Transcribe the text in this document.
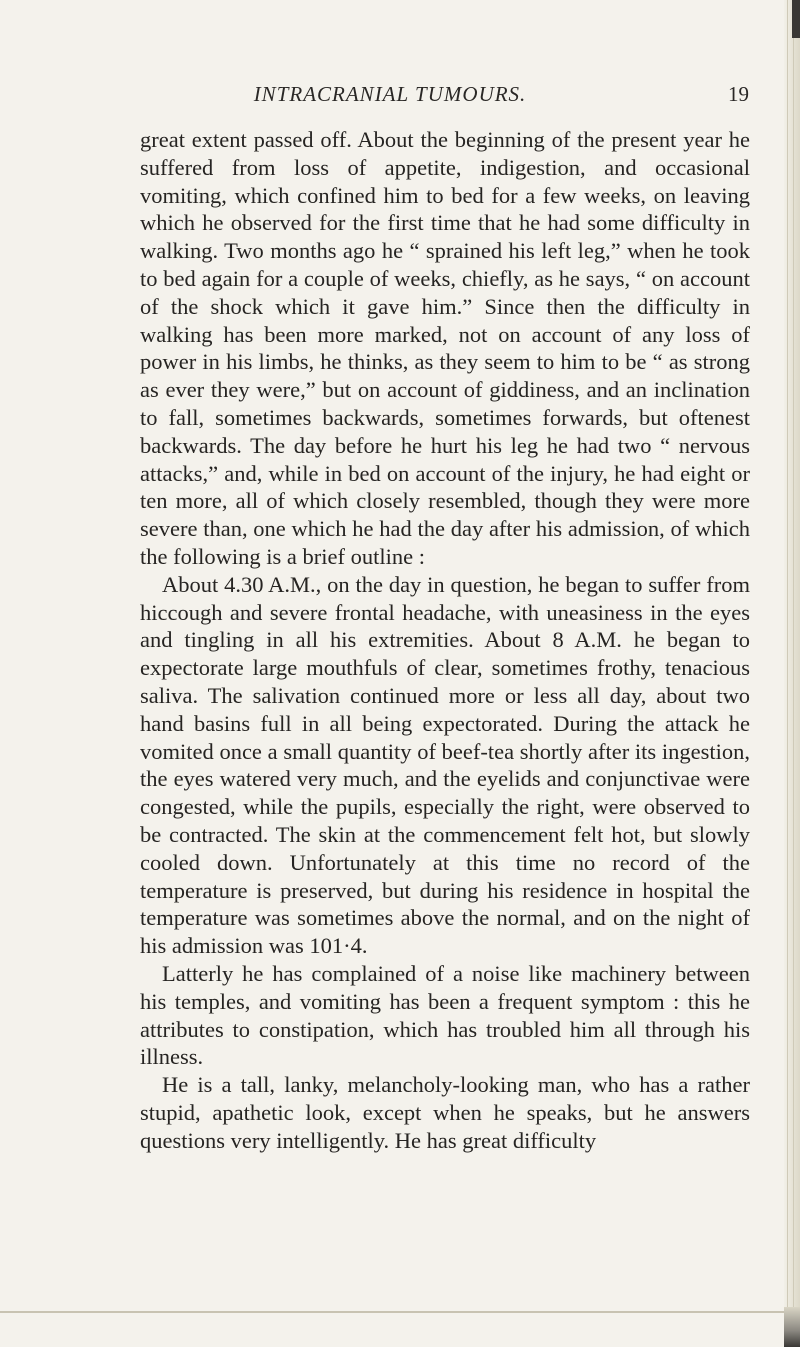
INTRACRANIAL TUMOURS.	19

great extent passed off. About the beginning of the present year he suffered from loss of appetite, indigestion, and occasional vomiting, which confined him to bed for a few weeks, on leaving which he observed for the first time that he had some difficulty in walking. Two months ago he “ sprained his left leg,” when he took to bed again for a couple of weeks, chiefly, as he says, “ on account of the shock which it gave him.” Since then the difficulty in walking has been more marked, not on account of any loss of power in his limbs, he thinks, as they seem to him to be “ as strong as ever they were,” but on account of giddiness, and an inclination to fall, sometimes backwards, sometimes forwards, but oftenest backwards. The day before he hurt his leg he had two “ nervous attacks,” and, while in bed on account of the injury, he had eight or ten more, all of which closely resembled, though they were more severe than, one which he had the day after his admission, of which the following is a brief outline :

About 4.30 A.M., on the day in question, he began to suffer from hiccough and severe frontal headache, with uneasiness in the eyes and tingling in all his extremities. About 8 A.M. he began to expectorate large mouthfuls of clear, sometimes frothy, tenacious saliva. The salivation continued more or less all day, about two hand basins full in all being expectorated. During the attack he vomited once a small quantity of beef-tea shortly after its ingestion, the eyes watered very much, and the eyelids and conjunctivae were congested, while the pupils, especially the right, were observed to be contracted. The skin at the commencement felt hot, but slowly cooled down. Unfortunately at this time no record of the temperature is preserved, but during his residence in hospital the temperature was sometimes above the normal, and on the night of his admission was 101·4.

Latterly he has complained of a noise like machinery between his temples, and vomiting has been a frequent symptom : this he attributes to constipation, which has troubled him all through his illness.

He is a tall, lanky, melancholy-looking man, who has a rather stupid, apathetic look, except when he speaks, but he answers questions very intelligently. He has great difficulty
